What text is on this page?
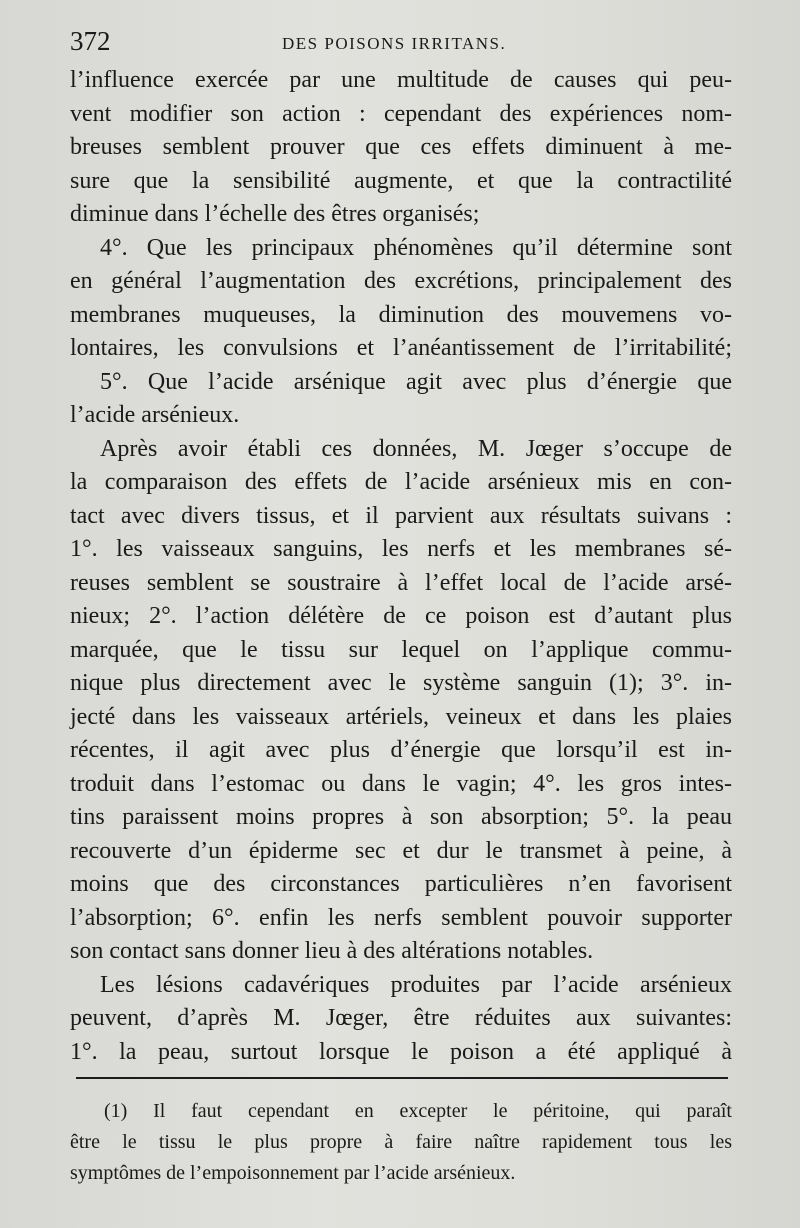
372	DES POISONS IRRITANS.
l’influence exercée par une multitude de causes qui peu-
vent modifier son action : cependant des expériences nom-
breuses semblent prouver que ces effets diminuent à me-
sure que la sensibilité augmente, et que la contractilité
diminue dans l’échelle des êtres organisés;
4°. Que les principaux phénomènes qu’il détermine sont
en général l’augmentation des excrétions, principalement des
membranes muqueuses, la diminution des mouvemens vo-
lontaires, les convulsions et l’anéantissement de l’irritabilité;
5°. Que l’acide arsénique agit avec plus d’énergie que
l’acide arsénieux.
Après avoir établi ces données, M. Jœger s’occupe de
la comparaison des effets de l’acide arsénieux mis en con-
tact avec divers tissus, et il parvient aux résultats suivans :
1°. les vaisseaux sanguins, les nerfs et les membranes sé-
reuses semblent se soustraire à l’effet local de l’acide arsé-
nieux; 2°. l’action délétère de ce poison est d’autant plus
marquée, que le tissu sur lequel on l’applique commu-
nique plus directement avec le système sanguin (1); 3°. in-
jecté dans les vaisseaux artériels, veineux et dans les plaies
récentes, il agit avec plus d’énergie que lorsqu’il est in-
troduit dans l’estomac ou dans le vagin; 4°. les gros intes-
tins paraissent moins propres à son absorption; 5°. la peau
recouverte d’un épiderme sec et dur le transmet à peine, à
moins que des circonstances particulières n’en favorisent
l’absorption; 6°. enfin les nerfs semblent pouvoir supporter
son contact sans donner lieu à des altérations notables.
Les lésions cadavériques produites par l’acide arsénieux
peuvent, d’après M. Jœger, être réduites aux suivantes:
1°. la peau, surtout lorsque le poison a été appliqué à
(1) Il faut cependant en excepter le péritoine, qui paraît
être le tissu le plus propre à faire naître rapidement tous les
symptômes de l’empoisonnement par l’acide arsénieux.
